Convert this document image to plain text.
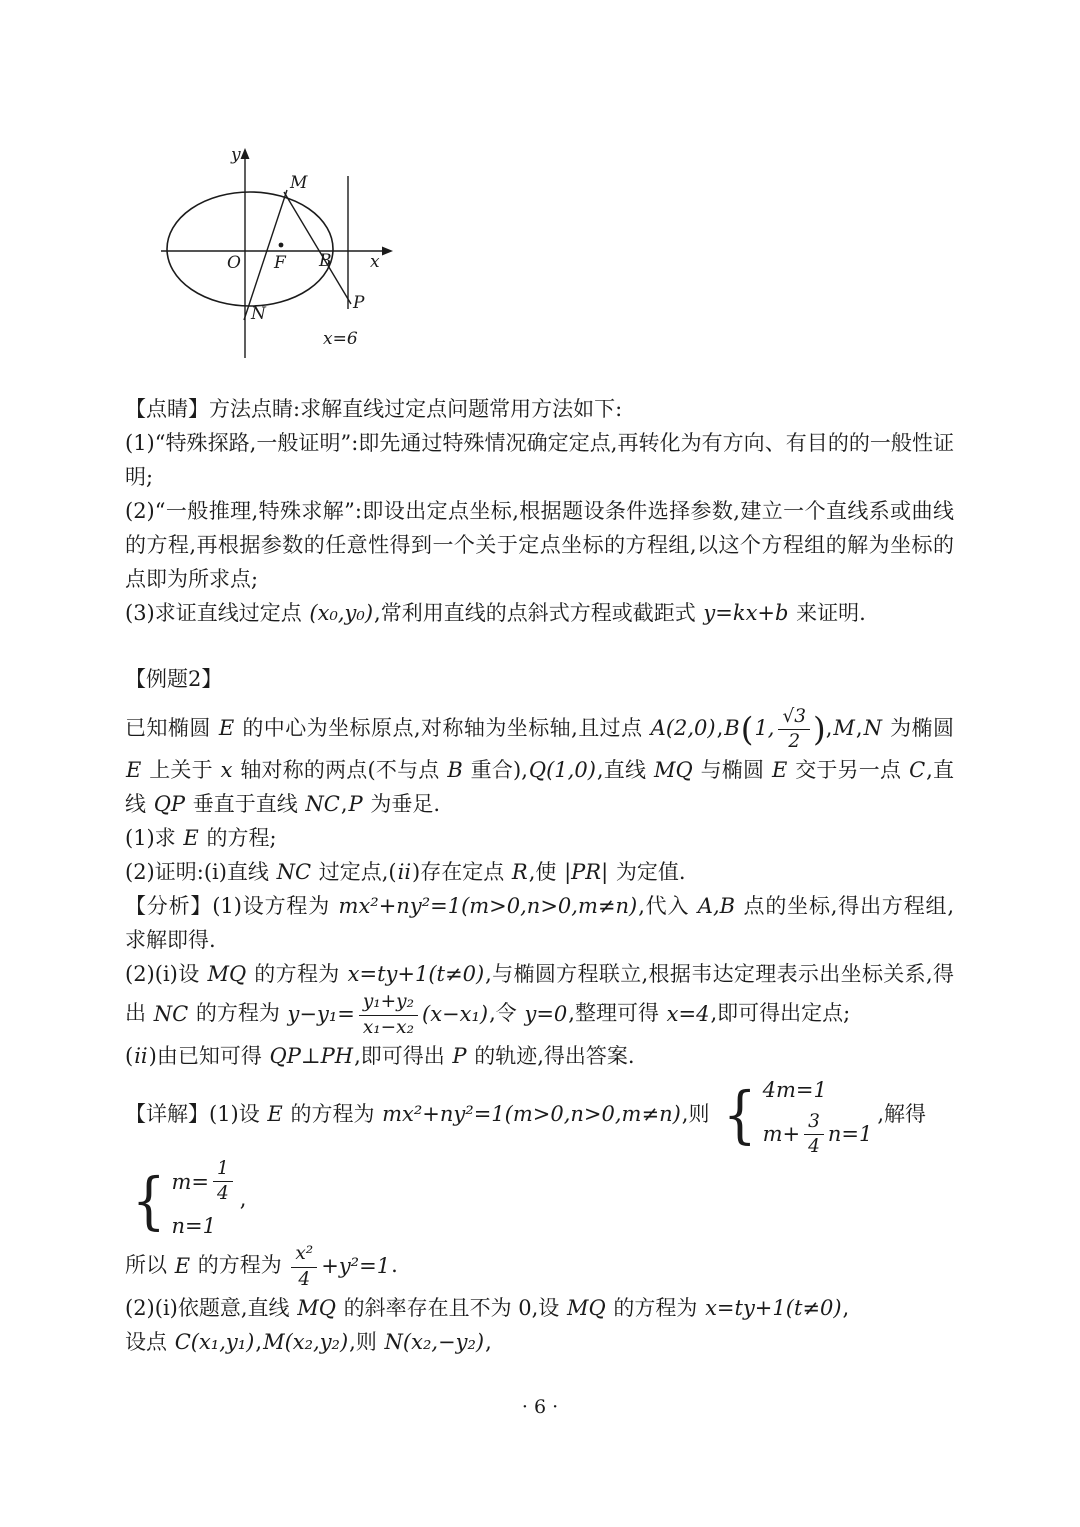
y
M
O F B x
N
P
x=6

【点睛】方法点睛:求解直线过定点问题常用方法如下:

(1)“特殊探路,一般证明”:即先通过特殊情况确定定点,再转化为有方向、有目的的一般性证明;

(2)“一般推理,特殊求解”:即设出定点坐标,根据题设条件选择参数,建立一个直线系或曲线的方程,再根据参数的任意性得到一个关于定点坐标的方程组,以这个方程组的解为坐标的点即为所求点;

(3)求证直线过定点 (x₀,y₀),常利用直线的点斜式方程或截距式 y=kx+b 来证明.

【例题2】

已知椭圆 E 的中心为坐标原点,对称轴为坐标轴,且过点 A(2,0),B(1, $\frac{√3}{2} ),M,N$ 为椭圆 E 上关于 x 轴对称的两点(不与点 B 重合),Q(1,0),直线 MQ 与椭圆 E 交于另一点 C,直线 QP 垂直于直线 NC,P 为垂足.

(1)求 E 的方程;

(2)证明:(i)直线 NC 过定点,(ii)存在定点 R,使 |PR| 为定值.

【分析】(1)设方程为 mx²+ny²=1(m>0,n>0,m≠n),代入 A,B 点的坐标,得出方程组,求解即得.

(2)(i)设 MQ 的方程为 x=ty+1(t≠0),与椭圆方程联立,根据韦达定理表示出坐标关系,得出 NC 的方程为 $y-y_1= \frac{\text{y₁+y₂}}{\text{x₁−x₂}} (x-x_1)$,令 y=0,整理可得 x=4,即可得出定点;

(ii)由已知可得 QP⊥PH,即可得出 P 的轨迹,得出答案.

【详解】(1)设 E 的方程为 mx²+ny²=1(m>0,n>0,m≠n),则 { 4m=1
$m+ \frac{3}{4} n=1$
,解得

{ $m= \frac{1}{4}$
n=1
,

所以 E 的方程为 $\frac{\text{x²}}{4} +y^2=1$.

(2)(i)依题意,直线 MQ 的斜率存在且不为 0,设 MQ 的方程为 x=ty+1(t≠0),

设点 C(x₁,y₁),M(x₂,y₂),则 N(x₂,−y₂),

· 6 ·
